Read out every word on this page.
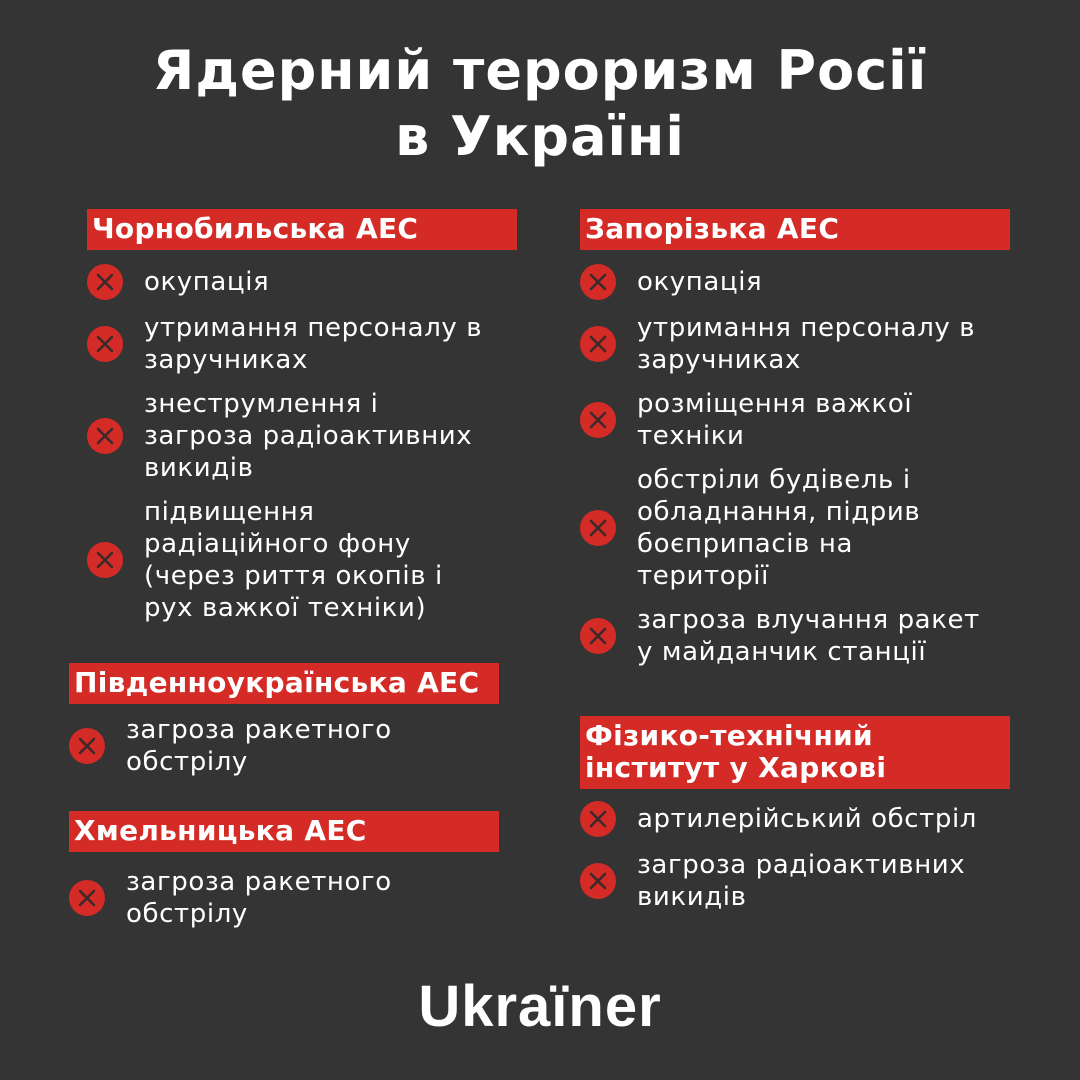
Ядерний тероризм Росії
в Україні
Чорнобильська АЕС
окупація
утримання персоналу в
заручниках
знеструмлення і
загроза радіоактивних
викидів
підвищення
радіаційного фону
(через риття окопів і
рух важкої техніки)
Запорізька АЕС
окупація
утримання персоналу в
заручниках
розміщення важкої
техніки
обстріли будівель і
обладнання, підрив
боєприпасів на
території
загроза влучання ракет
у майданчик станції
Південноукраїнська АЕС
загроза ракетного
обстрілу
Фізико-технічний
інститут у Харкові
артилерійський обстріл
загроза радіоактивних
викидів
Хмельницька АЕС
загроза ракетного
обстрілу
Ukraïner
